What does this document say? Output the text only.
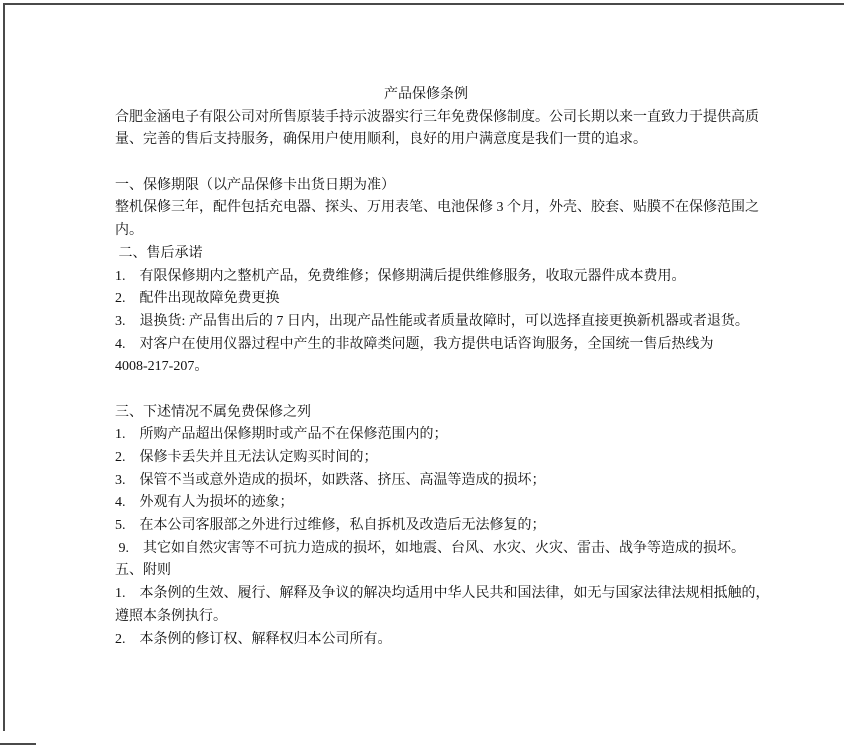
产品保修条例
合肥金涵电子有限公司对所售原装手持示波器实行三年免费保修制度。公司长期以来一直致力于提供高质
量、完善的售后支持服务，确保用户使用顺利，良好的用户满意度是我们一贯的追求。
一、保修期限（以产品保修卡出货日期为准）
整机保修三年，配件包括充电器、探头、万用表笔、电池保修 3 个月，外壳、胶套、贴膜不在保修范围之
内。
二、售后承诺
1.　有限保修期内之整机产品，免费维修；保修期满后提供维修服务，收取元器件成本费用。
2.　配件出现故障免费更换
3.　退换货: 产品售出后的 7 日内，出现产品性能或者质量故障时，可以选择直接更换新机器或者退货。
4.　对客户在使用仪器过程中产生的非故障类问题，我方提供电话咨询服务，全国统一售后热线为
4008-217-207。
三、下述情况不属免费保修之列
1.　所购产品超出保修期时或产品不在保修范围内的；
2.　保修卡丢失并且无法认定购买时间的；
3.　保管不当或意外造成的损坏，如跌落、挤压、高温等造成的损坏；
4.　外观有人为损坏的迹象；
5.　在本公司客服部之外进行过维修，私自拆机及改造后无法修复的；
9.　其它如自然灾害等不可抗力造成的损坏，如地震、台风、水灾、火灾、雷击、战争等造成的损坏。
五、附则
1.　本条例的生效、履行、解释及争议的解决均适用中华人民共和国法律，如无与国家法律法规相抵触的，
遵照本条例执行。
2.　本条例的修订权、解释权归本公司所有。
